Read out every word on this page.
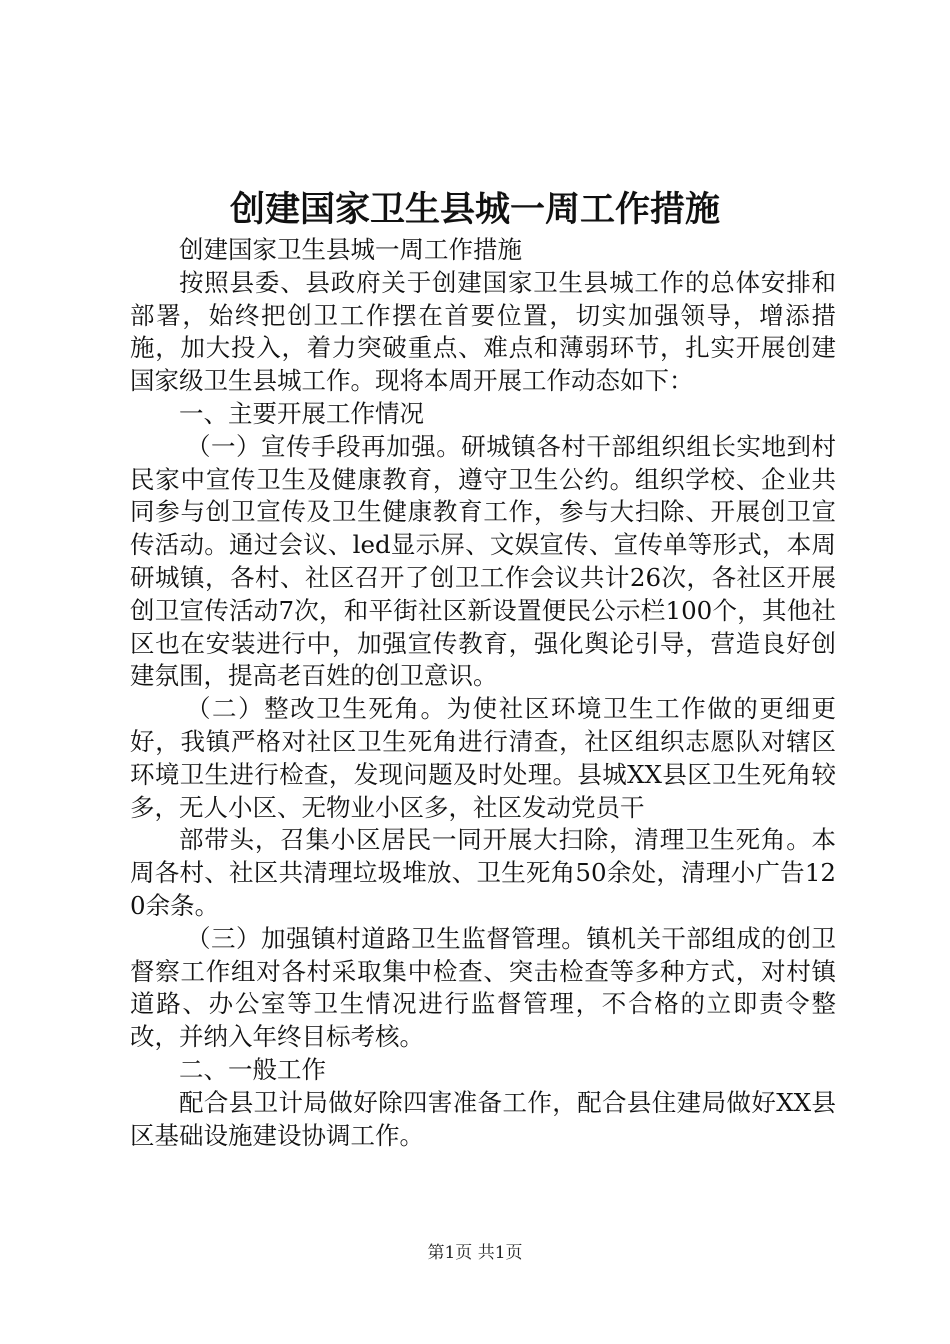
创建国家卫生县城一周工作措施

创建国家卫生县城一周工作措施

按照县委、县政府关于创建国家卫生县城工作的总体安排和部署，始终把创卫工作摆在首要位置，切实加强领导，增添措施，加大投入，着力突破重点、难点和薄弱环节，扎实开展创建国家级卫生县城工作。现将本周开展工作动态如下：

一、主要开展工作情况

（一）宣传手段再加强。研城镇各村干部组织组长实地到村民家中宣传卫生及健康教育，遵守卫生公约。组织学校、企业共同参与创卫宣传及卫生健康教育工作，参与大扫除、开展创卫宣传活动。通过会议、led显示屏、文娱宣传、宣传单等形式，本周研城镇，各村、社区召开了创卫工作会议共计26次，各社区开展创卫宣传活动7次，和平街社区新设置便民公示栏100个，其他社区也在安装进行中，加强宣传教育，强化舆论引导，营造良好创建氛围，提高老百姓的创卫意识。

（二）整改卫生死角。为使社区环境卫生工作做的更细更好，我镇严格对社区卫生死角进行清查，社区组织志愿队对辖区环境卫生进行检查，发现问题及时处理。县城XX县区卫生死角较多，无人小区、无物业小区多，社区发动党员干

部带头，召集小区居民一同开展大扫除，清理卫生死角。本周各村、社区共清理垃圾堆放、卫生死角50余处，清理小广告120余条。

（三）加强镇村道路卫生监督管理。镇机关干部组成的创卫督察工作组对各村采取集中检查、突击检查等多种方式，对村镇道路、办公室等卫生情况进行监督管理，不合格的立即责令整改，并纳入年终目标考核。

二、一般工作

配合县卫计局做好除四害准备工作，配合县住建局做好XX县区基础设施建设协调工作。

第1页 共1页
